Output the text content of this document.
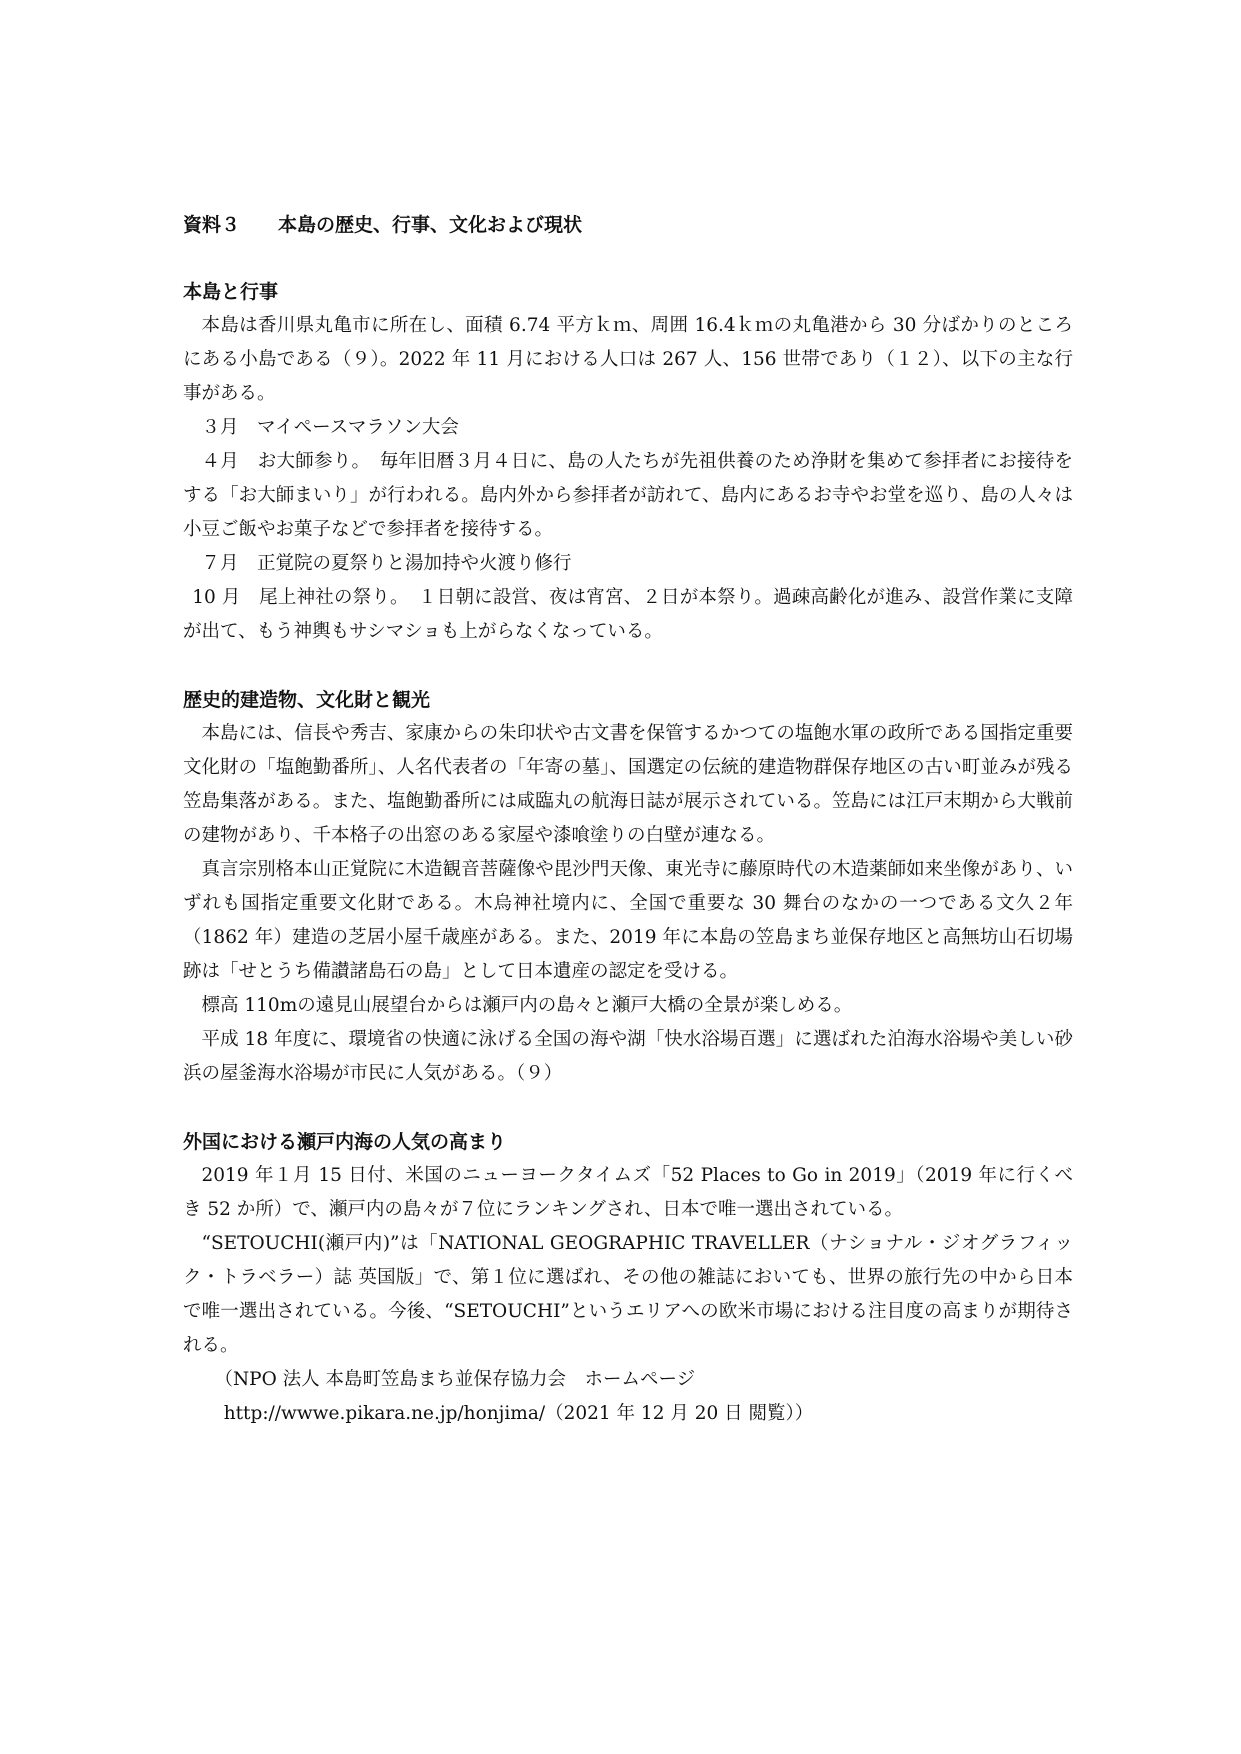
資料３　　本島の歴史、行事、文化および現状
本島と行事

本島は香川県丸亀市に所在し、面積 6.74 平方ｋｍ、周囲 16.4ｋｍの丸亀港から 30 分ばかりのところにある小島である（９）。2022 年 11 月における人口は 267 人、156 世帯であり（１２）、以下の主な行事がある。

３月　マイペースマラソン大会

４月　お大師参り。　毎年旧暦３月４日に、島の人たちが先祖供養のため浄財を集めて参拝者にお接待をする「お大師まいり」が行われる。島内外から参拝者が訪れて、島内にあるお寺やお堂を巡り、島の人々は小豆ご飯やお菓子などで参拝者を接待する。

７月　正覚院の夏祭りと湯加持や火渡り修行

10 月　尾上神社の祭り。　１日朝に設営、夜は宵宮、２日が本祭り。過疎高齢化が進み、設営作業に支障が出て、もう神輿もサシマショも上がらなくなっている。

歴史的建造物、文化財と観光

本島には、信長や秀吉、家康からの朱印状や古文書を保管するかつての塩飽水軍の政所である国指定重要文化財の「塩飽勤番所」、人名代表者の「年寄の墓」、国選定の伝統的建造物群保存地区の古い町並みが残る笠島集落がある。また、塩飽勤番所には咸臨丸の航海日誌が展示されている。笠島には江戸末期から大戦前の建物があり、千本格子の出窓のある家屋や漆喰塗りの白壁が連なる。

真言宗別格本山正覚院に木造観音菩薩像や毘沙門天像、東光寺に藤原時代の木造薬師如来坐像があり、いずれも国指定重要文化財である。木烏神社境内に、全国で重要な 30 舞台のなかの一つである文久２年（1862 年）建造の芝居小屋千歳座がある。また、2019 年に本島の笠島まち並保存地区と高無坊山石切場跡は「せとうち備讃諸島石の島」として日本遺産の認定を受ける。

標高 110mの遠見山展望台からは瀬戸内の島々と瀬戸大橋の全景が楽しめる。

平成 18 年度に、環境省の快適に泳げる全国の海や湖「快水浴場百選」に選ばれた泊海水浴場や美しい砂浜の屋釜海水浴場が市民に人気がある。（９）

外国における瀬戸内海の人気の高まり

2019 年１月 15 日付、米国のニューヨークタイムズ「52 Places to Go in 2019」（2019 年に行くべき 52 か所）で、瀬戸内の島々が７位にランキングされ、日本で唯一選出されている。

“SETOUCHI(瀬戸内)”は「NATIONAL GEOGRAPHIC TRAVELLER（ナショナル・ジオグラフィック・トラベラー）誌 英国版」で、第１位に選ばれ、その他の雑誌においても、世界の旅行先の中から日本で唯一選出されている。今後、“SETOUCHI”というエリアへの欧米市場における注目度の高まりが期待される。

（NPO 法人 本島町笠島まち並保存協力会　ホームページ

http://wwwe.pikara.ne.jp/honjima/（2021 年 12 月 20 日 閲覧））
